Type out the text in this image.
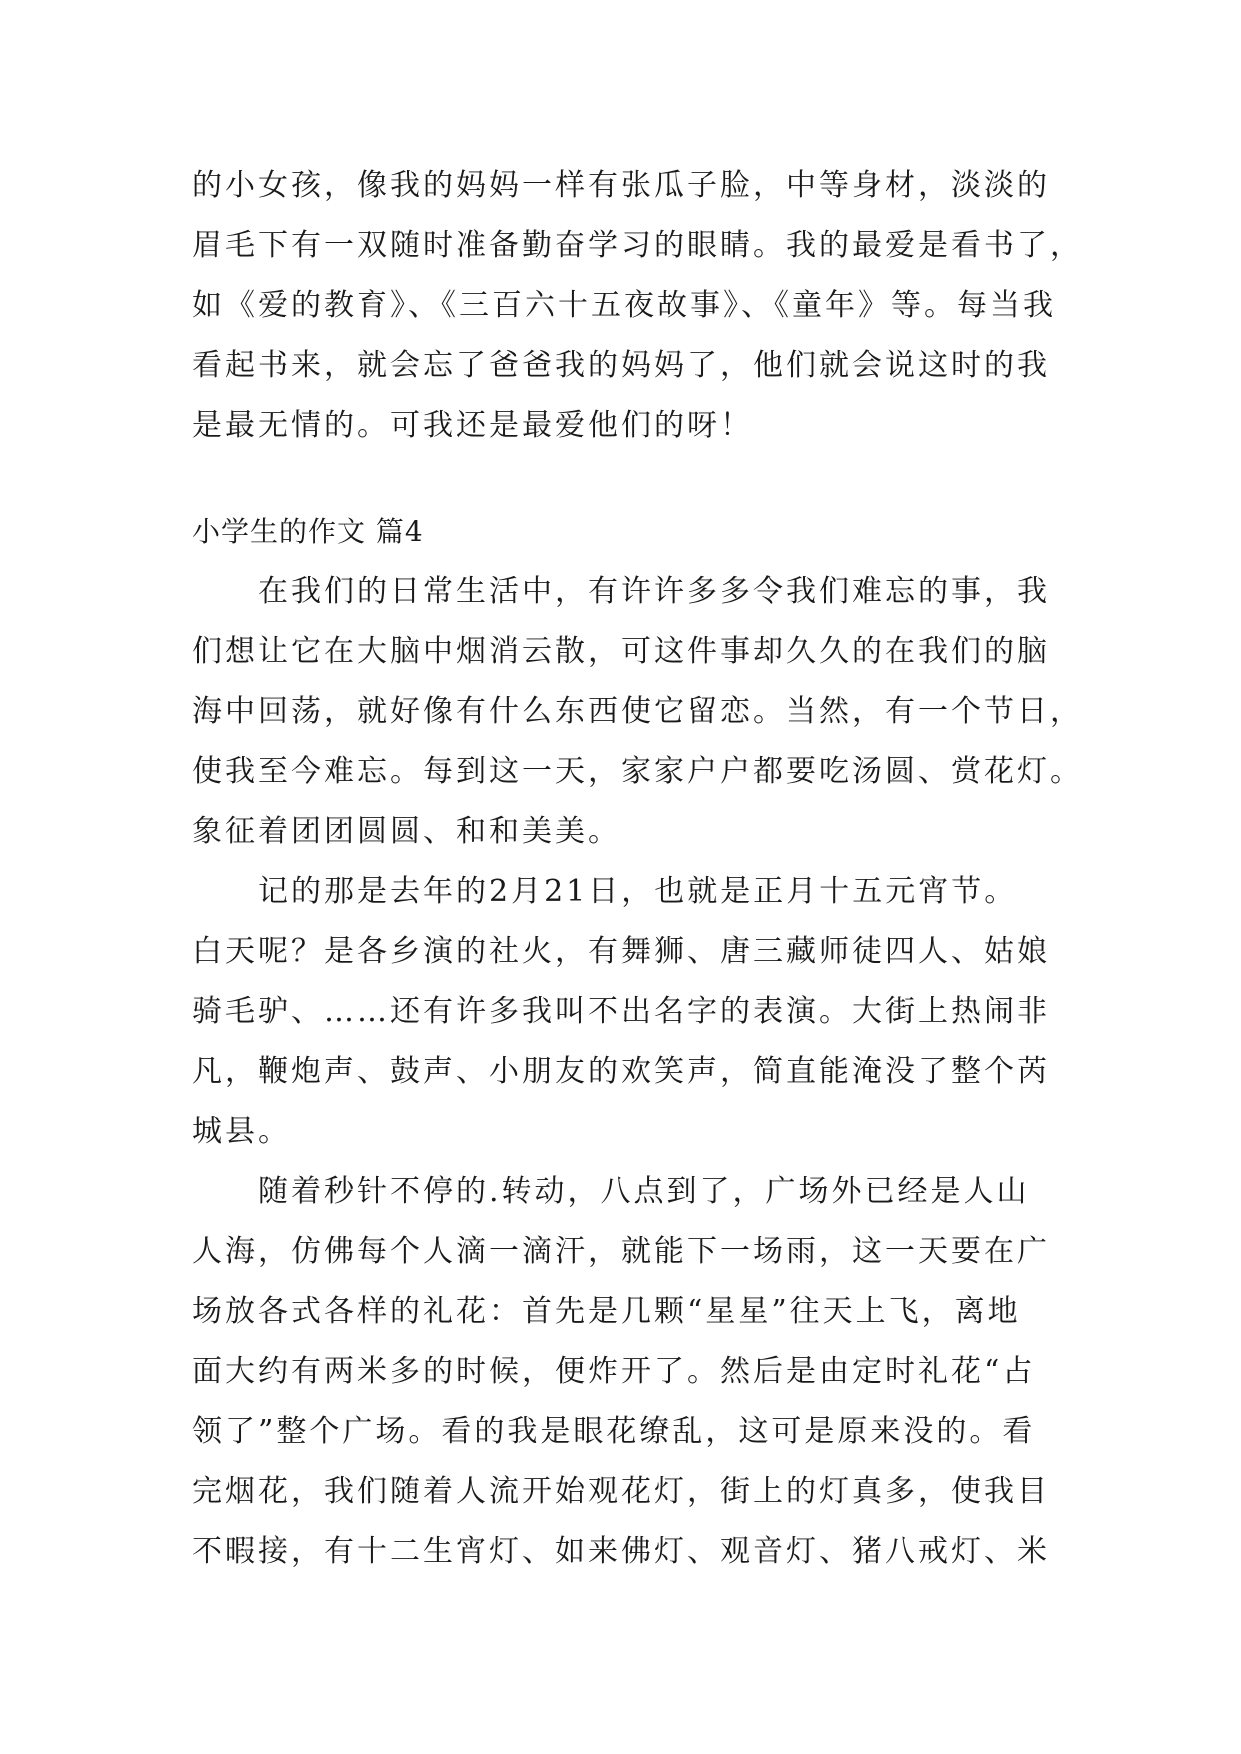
的小女孩，像我的妈妈一样有张瓜子脸，中等身材，淡淡的
眉毛下有一双随时准备勤奋学习的眼睛。我的最爱是看书了，
如《爱的教育》、《三百六十五夜故事》、《童年》等。每当我
看起书来，就会忘了爸爸我的妈妈了，他们就会说这时的我
是最无情的。可我还是最爱他们的呀！
小学生的作文 篇4
在我们的日常生活中，有许许多多令我们难忘的事，我
们想让它在大脑中烟消云散，可这件事却久久的在我们的脑
海中回荡，就好像有什么东西使它留恋。当然，有一个节日，
使我至今难忘。每到这一天，家家户户都要吃汤圆、赏花灯。
象征着团团圆圆、和和美美。
记的那是去年的2月21日，也就是正月十五元宵节。
白天呢？是各乡演的社火，有舞狮、唐三藏师徒四人、姑娘
骑毛驴、……还有许多我叫不出名字的表演。大街上热闹非
凡，鞭炮声、鼓声、小朋友的欢笑声，简直能淹没了整个芮
城县。
随着秒针不停的.转动，八点到了，广场外已经是人山
人海，仿佛每个人滴一滴汗，就能下一场雨，这一天要在广
场放各式各样的礼花：首先是几颗“星星”往天上飞，离地
面大约有两米多的时候，便炸开了。然后是由定时礼花“占
领了”整个广场。看的我是眼花缭乱，这可是原来没的。看
完烟花，我们随着人流开始观花灯，街上的灯真多，使我目
不暇接，有十二生宵灯、如来佛灯、观音灯、猪八戒灯、米
